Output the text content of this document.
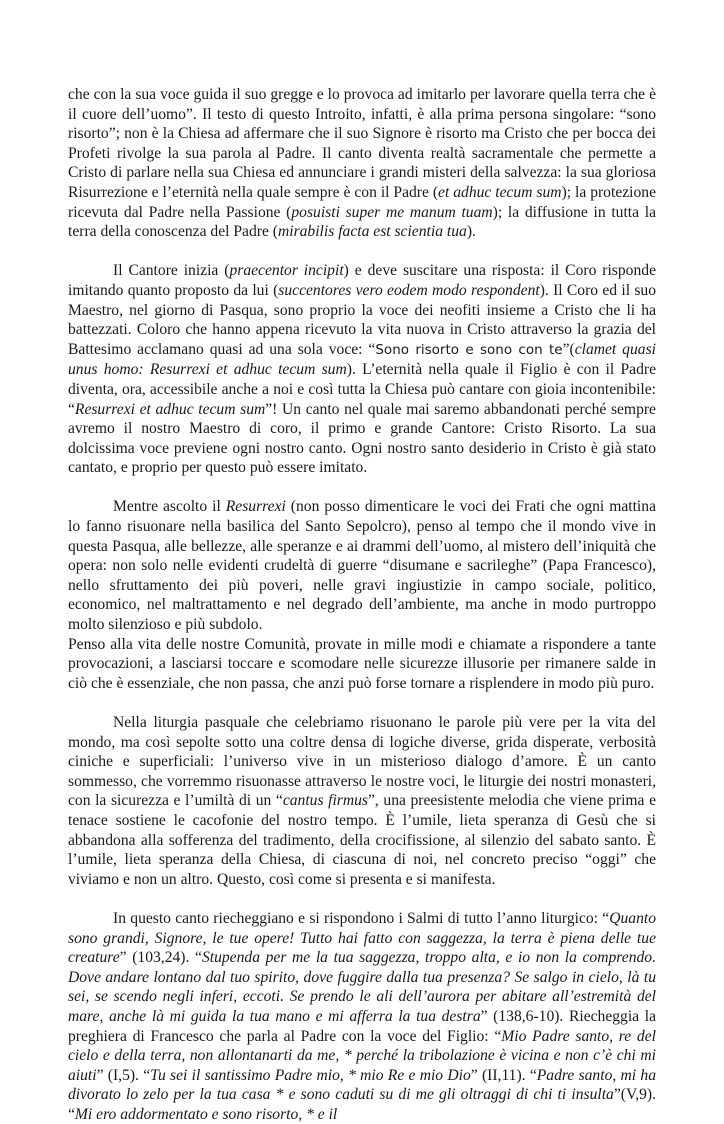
che con la sua voce guida il suo gregge e lo provoca ad imitarlo per lavorare quella terra che è il cuore dell’uomo”. Il testo di questo Introito, infatti, è alla prima persona singolare: “sono risorto”; non è la Chiesa ad affermare che il suo Signore è risorto ma Cristo che per bocca dei Profeti rivolge la sua parola al Padre. Il canto diventa realtà sacramentale che permette a Cristo di parlare nella sua Chiesa ed annunciare i grandi misteri della salvezza: la sua gloriosa Risurrezione e l’eternità nella quale sempre è con il Padre (et adhuc tecum sum); la protezione ricevuta dal Padre nella Passione (posuisti super me manum tuam); la diffusione in tutta la terra della conoscenza del Padre (mirabilis facta est scientia tua).

Il Cantore inizia (praecentor incipit) e deve suscitare una risposta: il Coro risponde imitando quanto proposto da lui (succentores vero eodem modo respondent). Il Coro ed il suo Maestro, nel giorno di Pasqua, sono proprio la voce dei neofiti insieme a Cristo che li ha battezzati. Coloro che hanno appena ricevuto la vita nuova in Cristo attraverso la grazia del Battesimo acclamano quasi ad una sola voce: “Sono risorto e sono con te”(clamet quasi unus homo: Resurrexi et adhuc tecum sum). L’eternità nella quale il Figlio è con il Padre diventa, ora, accessibile anche a noi e così tutta la Chiesa può cantare con gioia incontenibile: “Resurrexi et adhuc tecum sum”! Un canto nel quale mai saremo abbandonati perché sempre avremo il nostro Maestro di coro, il primo e grande Cantore: Cristo Risorto. La sua dolcissima voce previene ogni nostro canto. Ogni nostro santo desiderio in Cristo è già stato cantato, e proprio per questo può essere imitato.

Mentre ascolto il Resurrexi (non posso dimenticare le voci dei Frati che ogni mattina lo fanno risuonare nella basilica del Santo Sepolcro), penso al tempo che il mondo vive in questa Pasqua, alle bellezze, alle speranze e ai drammi dell’uomo, al mistero dell’iniquità che opera: non solo nelle evidenti crudeltà di guerre “disumane e sacrileghe” (Papa Francesco), nello sfruttamento dei più poveri, nelle gravi ingiustizie in campo sociale, politico, economico, nel maltrattamento e nel degrado dell’ambiente, ma anche in modo purtroppo molto silenzioso e più subdolo.

Penso alla vita delle nostre Comunità, provate in mille modi e chiamate a rispondere a tante provocazioni, a lasciarsi toccare e scomodare nelle sicurezze illusorie per rimanere salde in ciò che è essenziale, che non passa, che anzi può forse tornare a risplendere in modo più puro.

Nella liturgia pasquale che celebriamo risuonano le parole più vere per la vita del mondo, ma così sepolte sotto una coltre densa di logiche diverse, grida disperate, verbosità ciniche e superficiali: l’universo vive in un misterioso dialogo d’amore. È un canto sommesso, che vorremmo risuonasse attraverso le nostre voci, le liturgie dei nostri monasteri, con la sicurezza e l’umiltà di un “cantus firmus”, una preesistente melodia che viene prima e tenace sostiene le cacofonie del nostro tempo. È l’umile, lieta speranza di Gesù che si abbandona alla sofferenza del tradimento, della crocifissione, al silenzio del sabato santo. È l’umile, lieta speranza della Chiesa, di ciascuna di noi, nel concreto preciso “oggi” che viviamo e non un altro. Questo, così come si presenta e si manifesta.

In questo canto riecheggiano e si rispondono i Salmi di tutto l’anno liturgico: “Quanto sono grandi, Signore, le tue opere! Tutto hai fatto con saggezza, la terra è piena delle tue creature” (103,24). “Stupenda per me la tua saggezza, troppo alta, e io non la comprendo. Dove andare lontano dal tuo spirito, dove fuggire dalla tua presenza? Se salgo in cielo, là tu sei, se scendo negli inferi, eccoti. Se prendo le ali dell’aurora per abitare all’estremità del mare, anche là mi guida la tua mano e mi afferra la tua destra” (138,6-10). Riecheggia la preghiera di Francesco che parla al Padre con la voce del Figlio: “Mio Padre santo, re del cielo e della terra, non allontanarti da me, * perché la tribolazione è vicina e non c’è chi mi aiuti” (I,5). “Tu sei il santissimo Padre mio, * mio Re e mio Dio” (II,11). “Padre santo, mi ha divorato lo zelo per la tua casa * e sono caduti su di me gli oltraggi di chi ti insulta”(V,9). “Mi ero addormentato e sono risorto, * e il
